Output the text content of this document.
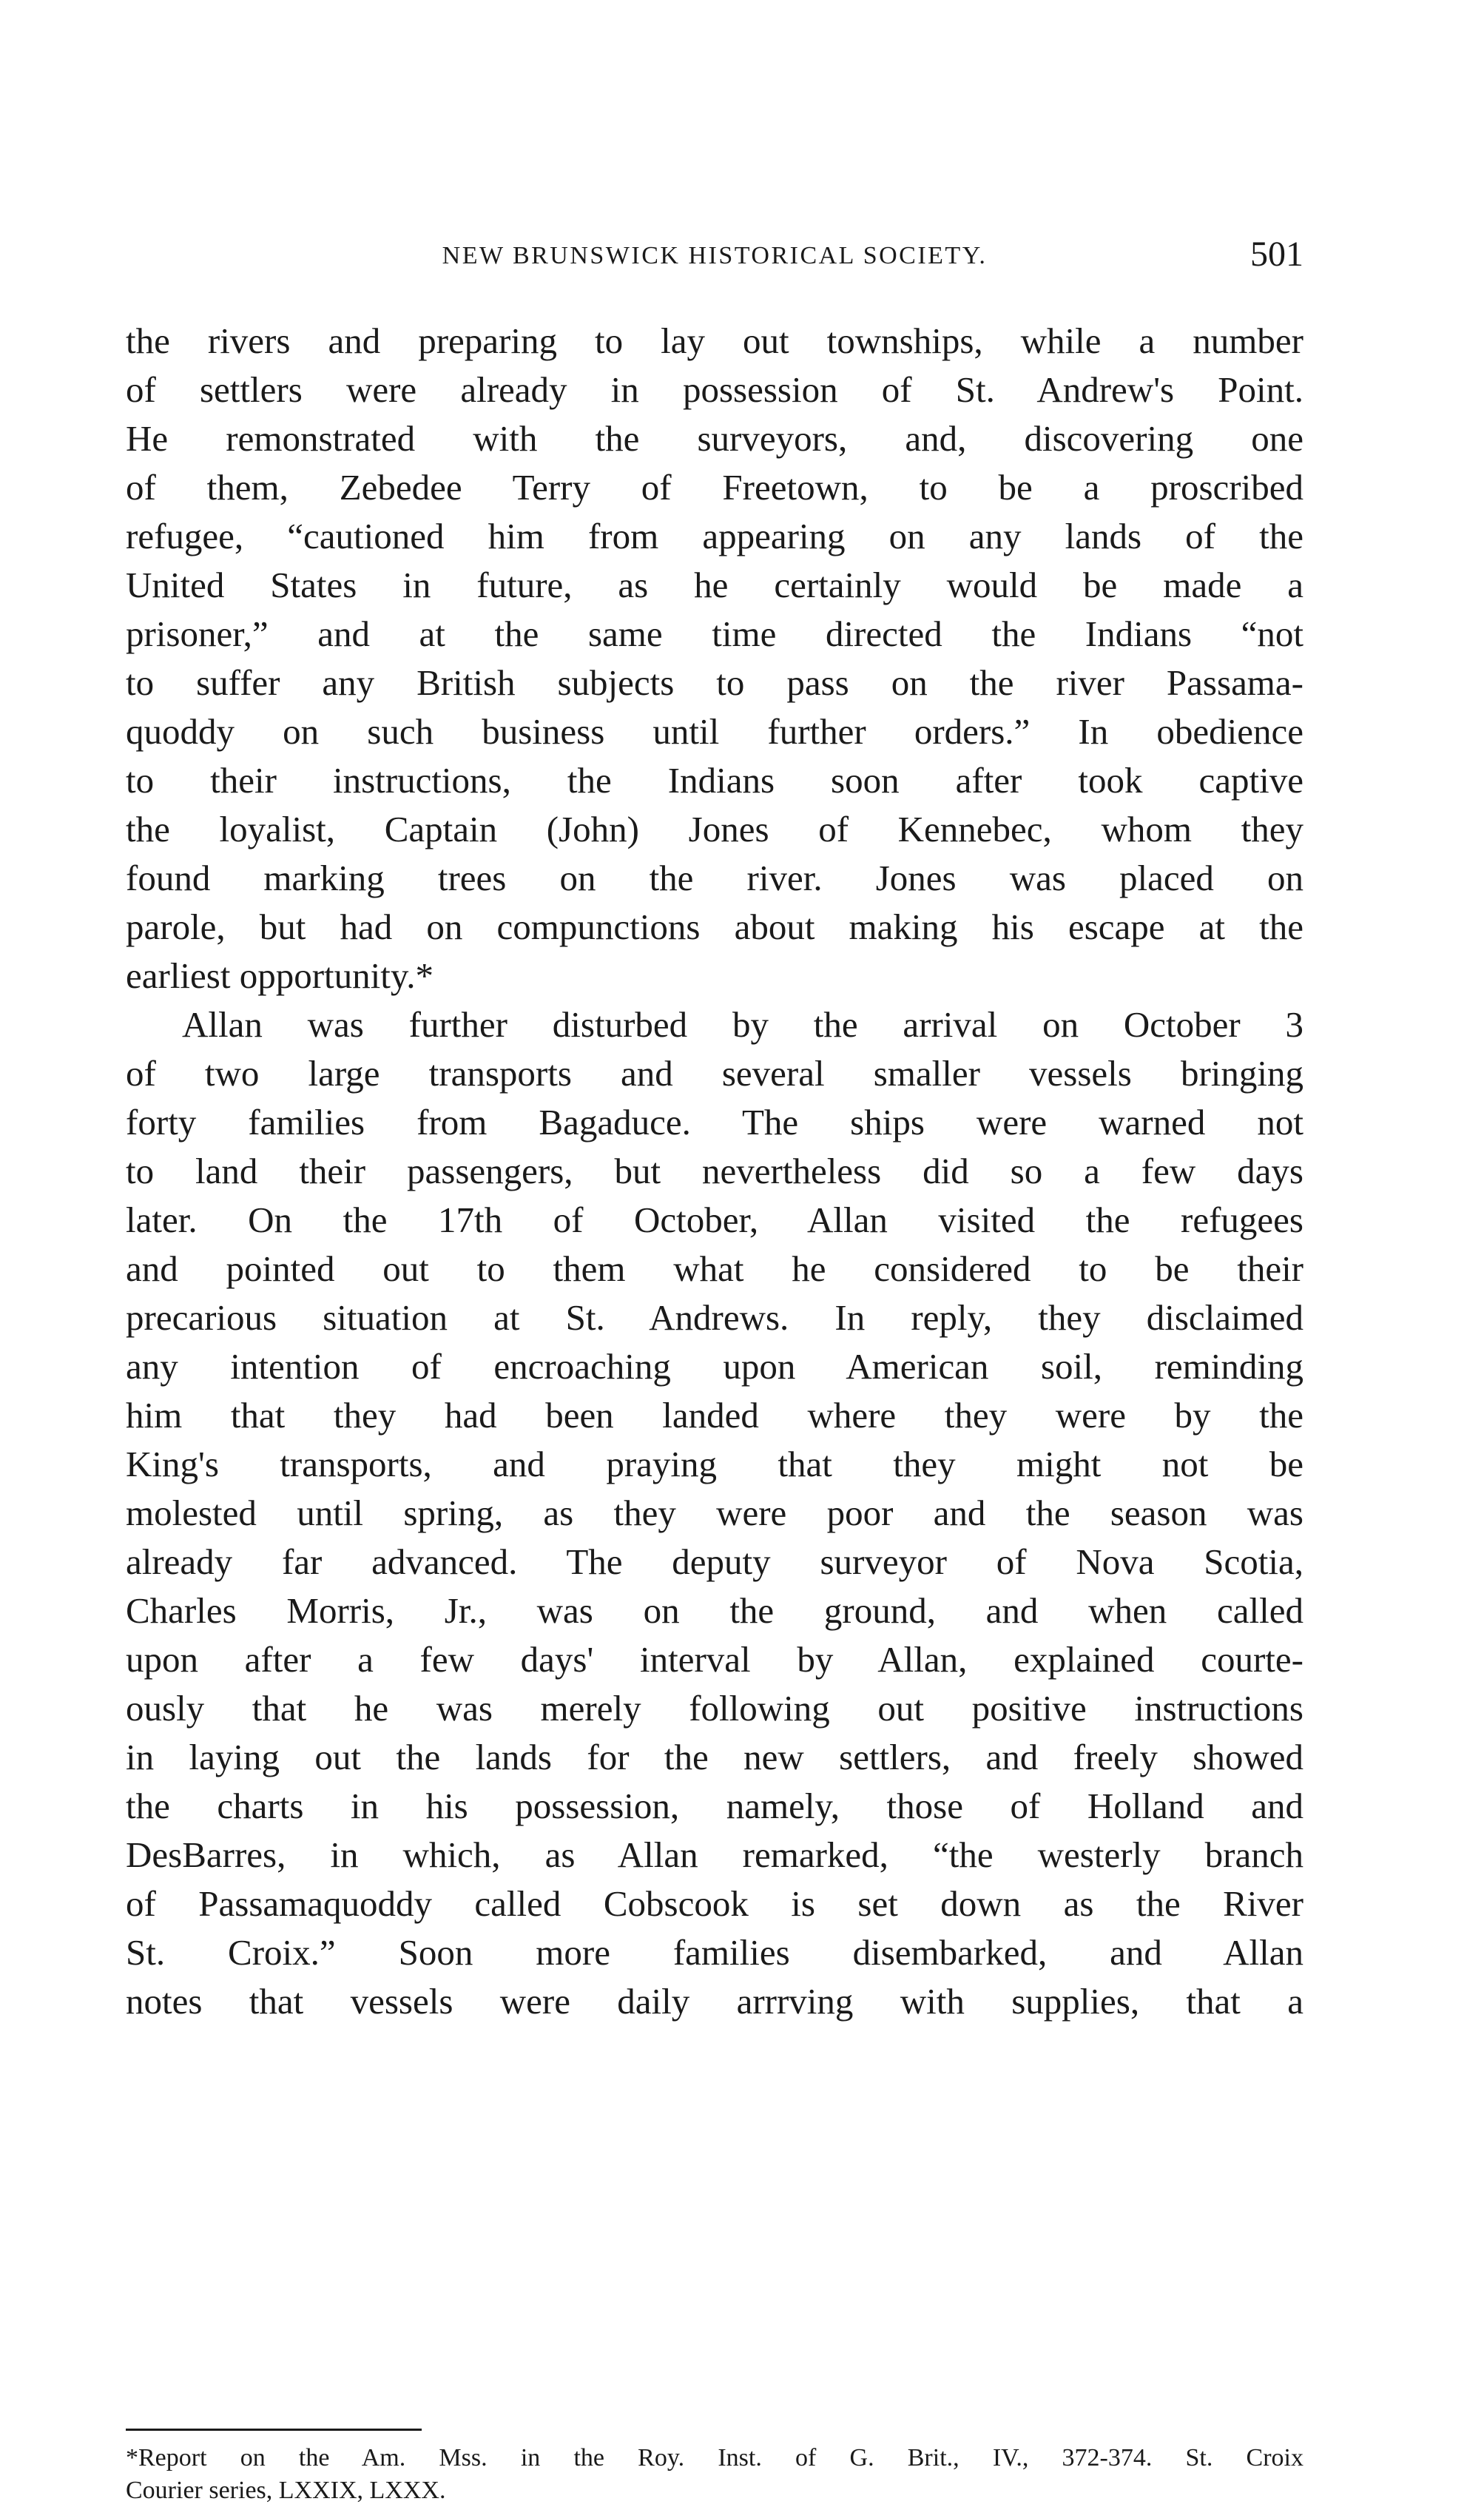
NEW BRUNSWICK HISTORICAL SOCIETY.	501
the rivers and preparing to lay out townships, while a number
of settlers were already in possession of St. Andrew's Point.
He remonstrated with the surveyors, and, discovering one
of them, Zebedee Terry of Freetown, to be a proscribed
refugee, “cautioned him from appearing on any lands of the
United States in future, as he certainly would be made a
prisoner,” and at the same time directed the Indians “not
to suffer any British subjects to pass on the river Passama-
quoddy on such business until further orders.” In obedience
to their instructions, the Indians soon after took captive
the loyalist, Captain (John) Jones of Kennebec, whom they
found marking trees on the river. Jones was placed on
parole, but had on compunctions about making his escape at the
earliest opportunity.*
Allan was further disturbed by the arrival on October 3
of two large transports and several smaller vessels bringing
forty families from Bagaduce. The ships were warned not
to land their passengers, but nevertheless did so a few days
later. On the 17th of October, Allan visited the refugees
and pointed out to them what he considered to be their
precarious situation at St. Andrews. In reply, they disclaimed
any intention of encroaching upon American soil, reminding
him that they had been landed where they were by the
King's transports, and praying that they might not be
molested until spring, as they were poor and the season was
already far advanced. The deputy surveyor of Nova Scotia,
Charles Morris, Jr., was on the ground, and when called
upon after a few days' interval by Allan, explained courte-
ously that he was merely following out positive instructions
in laying out the lands for the new settlers, and freely showed
the charts in his possession, namely, those of Holland and
DesBarres, in which, as Allan remarked, “the westerly branch
of Passamaquoddy called Cobscook is set down as the River
St. Croix.” Soon more families disembarked, and Allan
notes that vessels were daily arrrving with supplies, that a
*Report on the Am. Mss. in the Roy. Inst. of G. Brit., IV., 372-374. St. Croix
Courier series, LXXIX, LXXX.
